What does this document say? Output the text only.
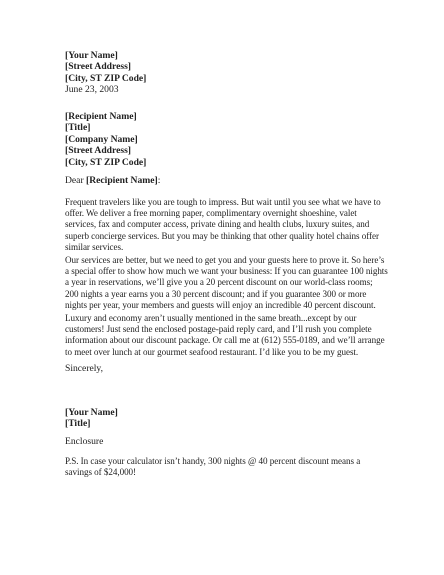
[Your Name]
[Street Address]
[City, ST ZIP Code]
June 23, 2003
[Recipient Name]
[Title]
[Company Name]
[Street Address]
[City, ST ZIP Code]
Dear [Recipient Name]:
Frequent travelers like you are tough to impress. But wait until you see what we have to
offer. We deliver a free morning paper, complimentary overnight shoeshine, valet
services, fax and computer access, private dining and health clubs, luxury suites, and
superb concierge services. But you may be thinking that other quality hotel chains offer
similar services.
Our services are better, but we need to get you and your guests here to prove it. So here’s
a special offer to show how much we want your business: If you can guarantee 100 nights
a year in reservations, we’ll give you a 20 percent discount on our world-class rooms;
200 nights a year earns you a 30 percent discount; and if you guarantee 300 or more
nights per year, your members and guests will enjoy an incredible 40 percent discount.
Luxury and economy aren’t usually mentioned in the same breath...except by our
customers! Just send the enclosed postage-paid reply card, and I’ll rush you complete
information about our discount package. Or call me at (612) 555-0189, and we’ll arrange
to meet over lunch at our gourmet seafood restaurant. I’d like you to be my guest.
Sincerely,
[Your Name]
[Title]
Enclosure
P.S. In case your calculator isn’t handy, 300 nights @ 40 percent discount means a
savings of $24,000!
